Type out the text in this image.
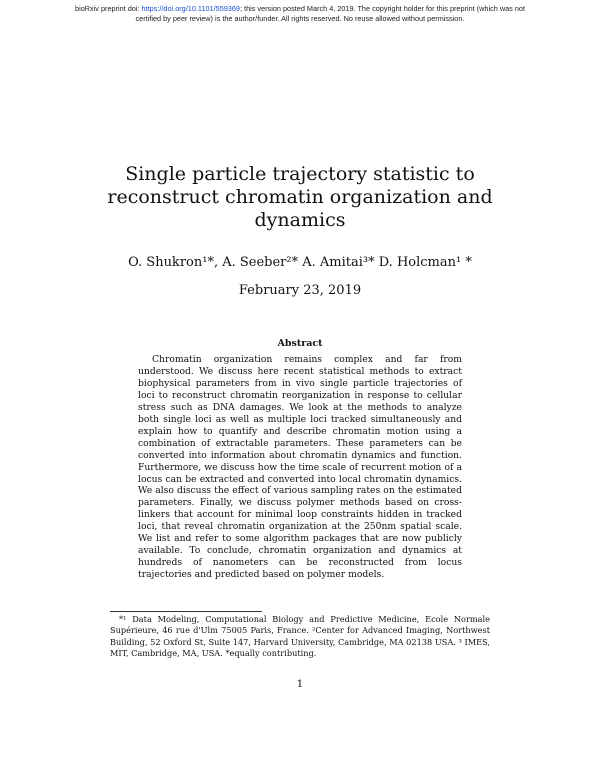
bioRxiv preprint doi: https://doi.org/10.1101/559369; this version posted March 4, 2019. The copyright holder for this preprint (which was not
certified by peer review) is the author/funder. All rights reserved. No reuse allowed without permission.
Single particle trajectory statistic to reconstruct chromatin organization and dynamics
O. Shukron¹*, A. Seeber²* A. Amitai³* D. Holcman¹ *
February 23, 2019
Abstract

Chromatin organization remains complex and far from understood. We discuss here recent statistical methods to extract biophysical parameters from in vivo single particle trajectories of loci to reconstruct chromatin reorganization in response to cellular stress such as DNA damages. We look at the methods to analyze both single loci as well as multiple loci tracked simultaneously and explain how to quantify and describe chromatin motion using a combination of extractable parameters. These parameters can be converted into information about chromatin dynamics and function. Furthermore, we discuss how the time scale of recurrent motion of a locus can be extracted and converted into local chromatin dynamics. We also discuss the effect of various sampling rates on the estimated parameters. Finally, we discuss polymer methods based on cross-linkers that account for minimal loop constraints hidden in tracked loci, that reveal chromatin organization at the 250nm spatial scale. We list and refer to some algorithm packages that are now publicly available. To conclude, chromatin organization and dynamics at hundreds of nanometers can be reconstructed from locus trajectories and predicted based on polymer models.

*¹ Data Modeling, Computational Biology and Predictive Medicine, Ecole Normale Supérieure, 46 rue d'Ulm 75005 Paris, France. ²Center for Advanced Imaging, Northwest Building, 52 Oxford St, Suite 147, Harvard University, Cambridge, MA 02138 USA. ³ IMES, MIT, Cambridge, MA, USA. *equally contributing.

1
